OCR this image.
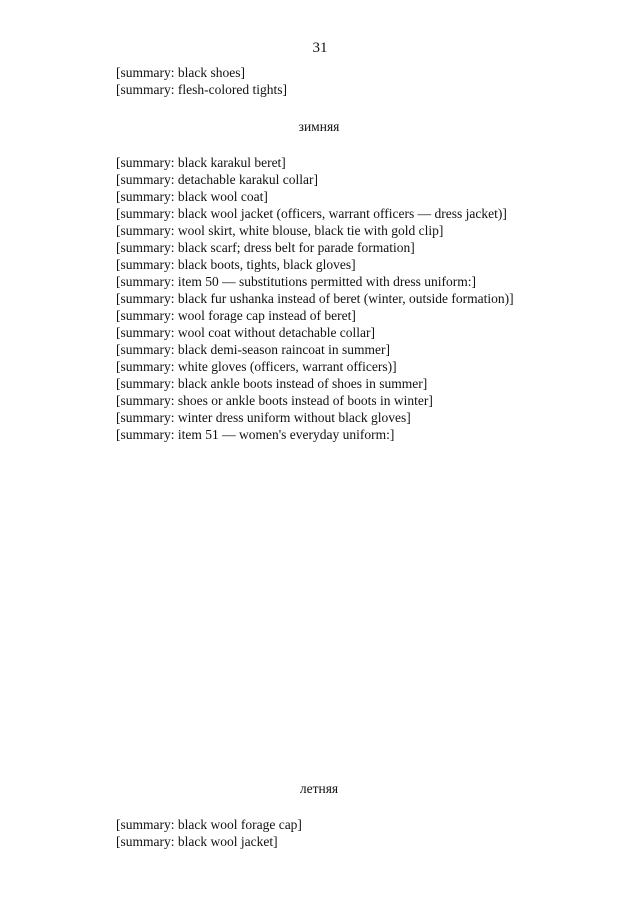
31
[summary: black shoes]
[summary: flesh-colored tights]
зимняя
[summary: black karakul beret]
[summary: detachable karakul collar]
[summary: black wool coat]
[summary: black wool jacket (officers, warrant officers — dress jacket)]
[summary: wool skirt, white blouse, black tie with gold clip]
[summary: black scarf; dress belt for parade formation]
[summary: black boots, tights, black gloves]
[summary: item 50 — substitutions permitted with dress uniform:]
[summary: black fur ushanka instead of beret (winter, outside formation)]
[summary: wool forage cap instead of beret]
[summary: wool coat without detachable collar]
[summary: black demi-season raincoat in summer]
[summary: white gloves (officers, warrant officers)]
[summary: black ankle boots instead of shoes in summer]
[summary: shoes or ankle boots instead of boots in winter]
[summary: winter dress uniform without black gloves]
[summary: item 51 — women's everyday uniform:]
летняя
[summary: black wool forage cap]
[summary: black wool jacket]
